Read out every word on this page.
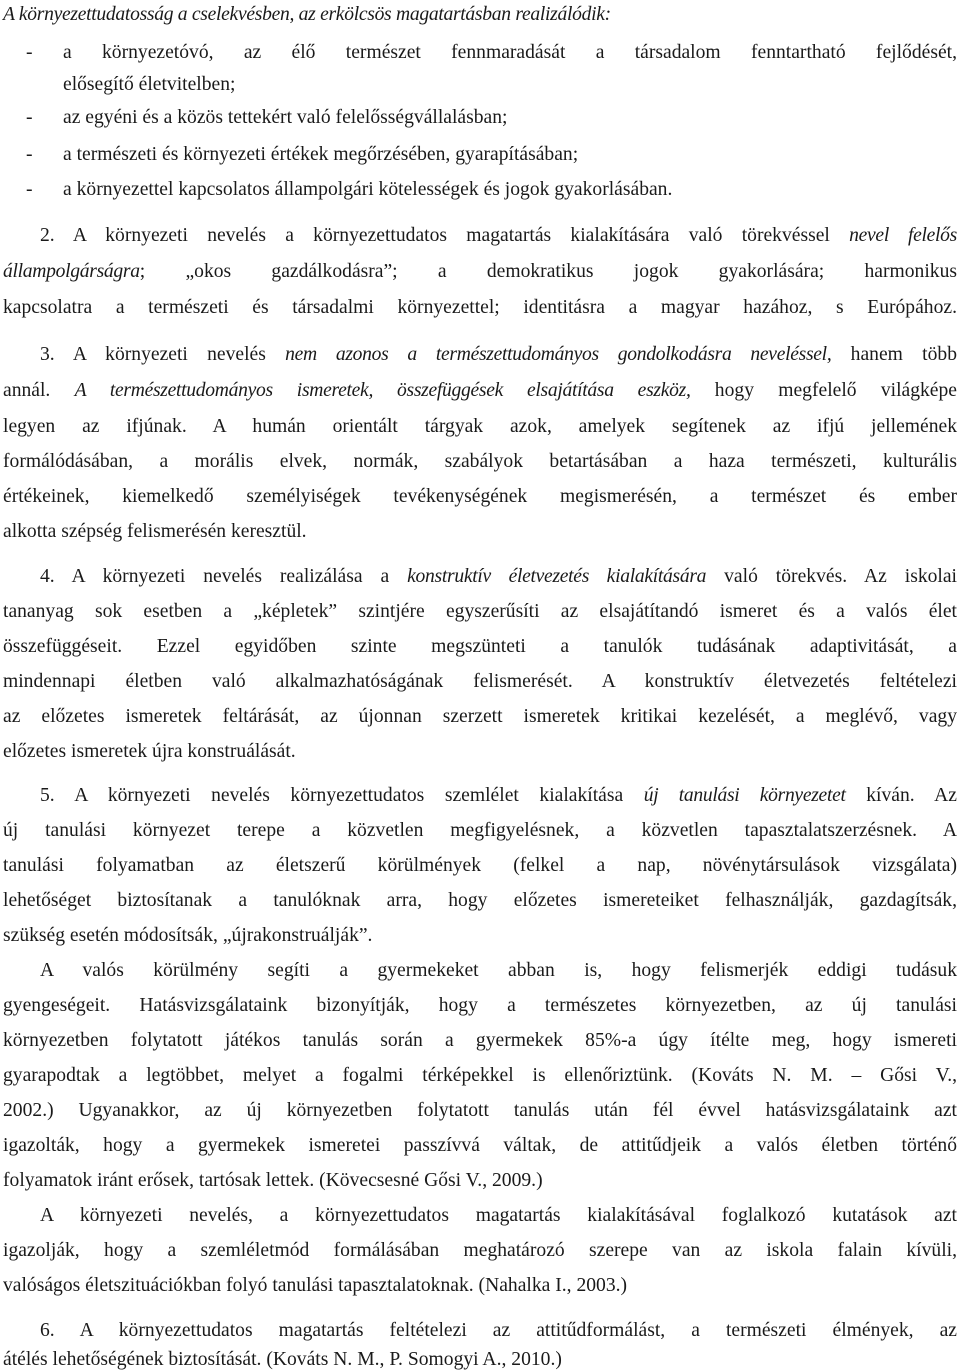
A környezettudatosság a cselekvésben, az erkölcsös magatartásban realizálódik:
- a környezetóvó, az élő természet fennmaradását a társadalom fenntartható fejlődését,
elősegítő életvitelben;
- az egyéni és a közös tettekért való felelősségvállalásban;
- a természeti és környezeti értékek megőrzésében, gyarapításában;
- a környezettel kapcsolatos állampolgári kötelességek és jogok gyakorlásában.
2. A környezeti nevelés a környezettudatos magatartás kialakítására való törekvéssel nevel felelős
állampolgárságra; „okos gazdálkodásra”; a demokratikus jogok gyakorlására; harmonikus
kapcsolatra a természeti és társadalmi környezettel; identitásra a magyar hazához, s Európához.
3. A környezeti nevelés nem azonos a természettudományos gondolkodásra neveléssel, hanem több
annál. A természettudományos ismeretek, összefüggések elsajátítása eszköz, hogy megfelelő világképe
legyen az ifjúnak. A humán orientált tárgyak azok, amelyek segítenek az ifjú jellemének
formálódásában, a morális elvek, normák, szabályok betartásában a haza természeti, kulturális
értékeinek, kiemelkedő személyiségek tevékenységének megismerésén, a természet és ember
alkotta szépség felismerésén keresztül.
4. A környezeti nevelés realizálása a konstruktív életvezetés kialakítására való törekvés. Az iskolai
tananyag sok esetben a „képletek” szintjére egyszerűsíti az elsajátítandó ismeret és a valós élet
összefüggéseit. Ezzel egyidőben szinte megszünteti a tanulók tudásának adaptivitását, a
mindennapi életben való alkalmazhatóságának felismerését. A konstruktív életvezetés feltételezi
az előzetes ismeretek feltárását, az újonnan szerzett ismeretek kritikai kezelését, a meglévő, vagy
előzetes ismeretek újra konstruálását.
5. A környezeti nevelés környezettudatos szemlélet kialakítása új tanulási környezetet kíván. Az
új tanulási környezet terepe a közvetlen megfigyelésnek, a közvetlen tapasztalatszerzésnek. A
tanulási folyamatban az életszerű körülmények (felkel a nap, növénytársulások vizsgálata)
lehetőséget biztosítanak a tanulóknak arra, hogy előzetes ismereteiket felhasználják, gazdagítsák,
szükség esetén módosítsák, „újrakonstruálják”.
A valós körülmény segíti a gyermekeket abban is, hogy felismerjék eddigi tudásuk
gyengeségeit. Hatásvizsgálataink bizonyítják, hogy a természetes környezetben, az új tanulási
környezetben folytatott játékos tanulás során a gyermekek 85%-a úgy ítélte meg, hogy ismereti
gyarapodtak a legtöbbet, melyet a fogalmi térképekkel is ellenőriztünk. (Kováts N. M. – Gősi V.,
2002.) Ugyanakkor, az új környezetben folytatott tanulás után fél évvel hatásvizsgálataink azt
igazolták, hogy a gyermekek ismeretei passzívvá váltak, de attitűdjeik a valós életben történő
folyamatok iránt erősek, tartósak lettek. (Kövecsesné Gősi V., 2009.)
A környezeti nevelés, a környezettudatos magatartás kialakításával foglalkozó kutatások azt
igazolják, hogy a szemléletmód formálásában meghatározó szerepe van az iskola falain kívüli,
valóságos életszituációkban folyó tanulási tapasztalatoknak. (Nahalka I., 2003.)
6. A környezettudatos magatartás feltételezi az attitűdformálást, a természeti élmények, az
átélés lehetőségének biztosítását. (Kováts N. M., P. Somogyi A., 2010.)
